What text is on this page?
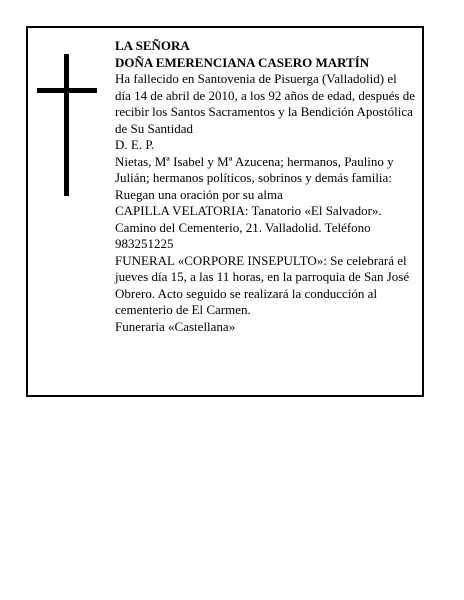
LA SEÑORA

DOÑA EMERENCIANA CASERO MARTÍN

Ha fallecido en Santovenia de Pisuerga (Valladolid) el día 14 de abril de 2010, a los 92 años de edad, después de recibir los Santos Sacramentos y la Bendición Apostólica de Su Santidad

D. E. P.

Nietas, Mª Isabel y Mª Azucena; hermanos, Paulino y Julián; hermanos políticos, sobrinos y demás familia:

Ruegan una oración por su alma

CAPILLA VELATORIA: Tanatorio «El Salvador». Camino del Cementerio, 21. Valladolid. Teléfono 983251225

FUNERAL «CORPORE INSEPULTO»: Se celebrará el jueves día 15, a las 11 horas, en la parroquia de San José Obrero. Acto seguido se realizará la conducción al cementerio de El Carmen.

Funeraria «Castellana»
